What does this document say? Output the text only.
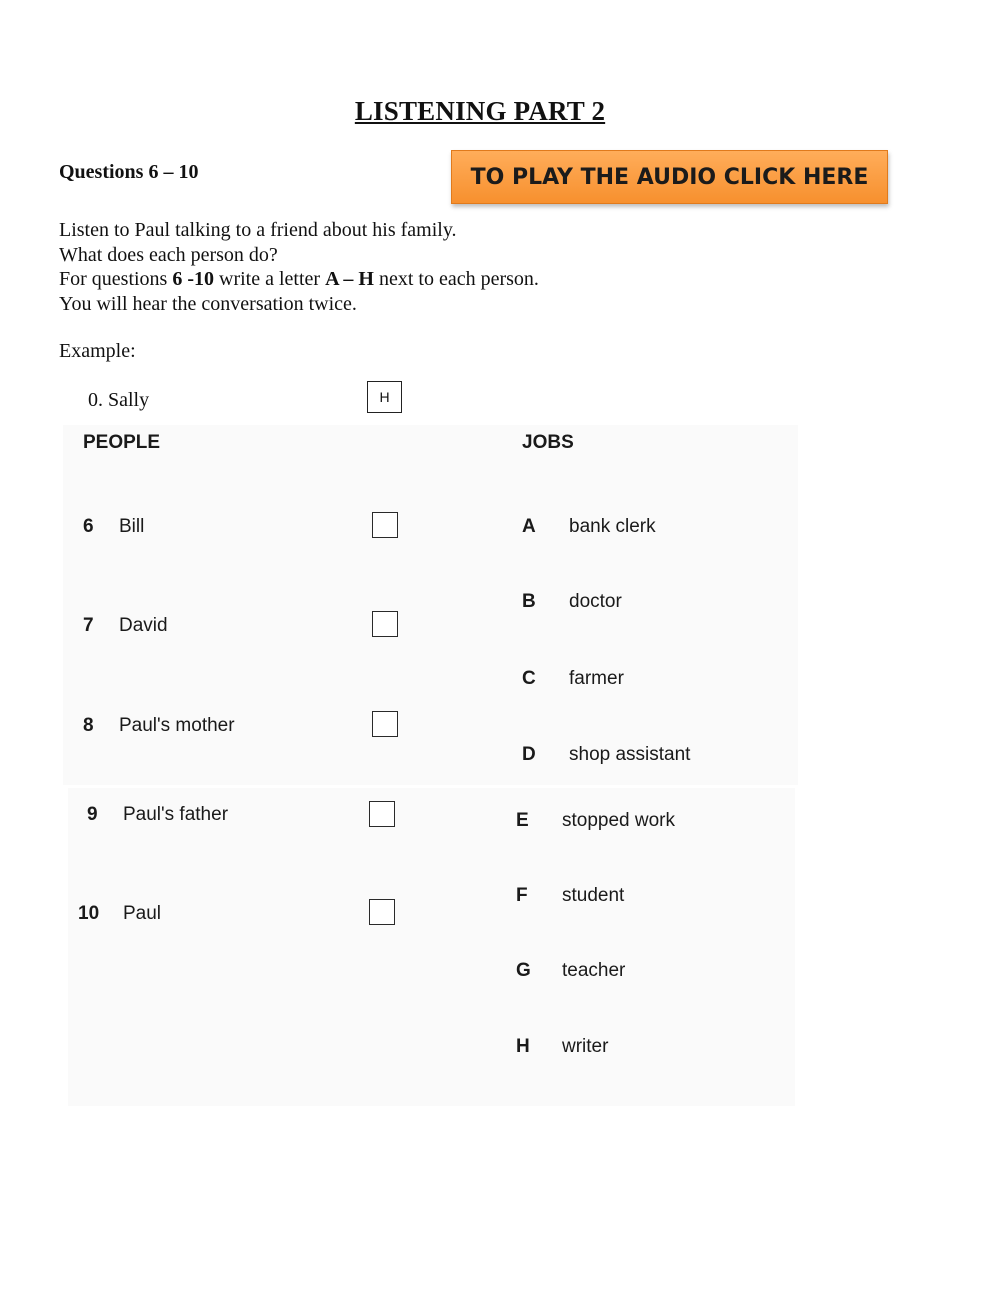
LISTENING PART 2
Questions 6 – 10	TO PLAY THE AUDIO CLICK HERE
Listen to Paul talking to a friend about his family.
What does each person do?
For questions 6 -10 write a letter A – H next to each person.
You will hear the conversation twice.
Example:
0. Sally	H
PEOPLE	JOBS
6 Bill
7 David
8 Paul's mother
9 Paul's father
10 Paul
A bank clerk
B doctor
C farmer
D shop assistant
E stopped work
F student
G teacher
H writer
